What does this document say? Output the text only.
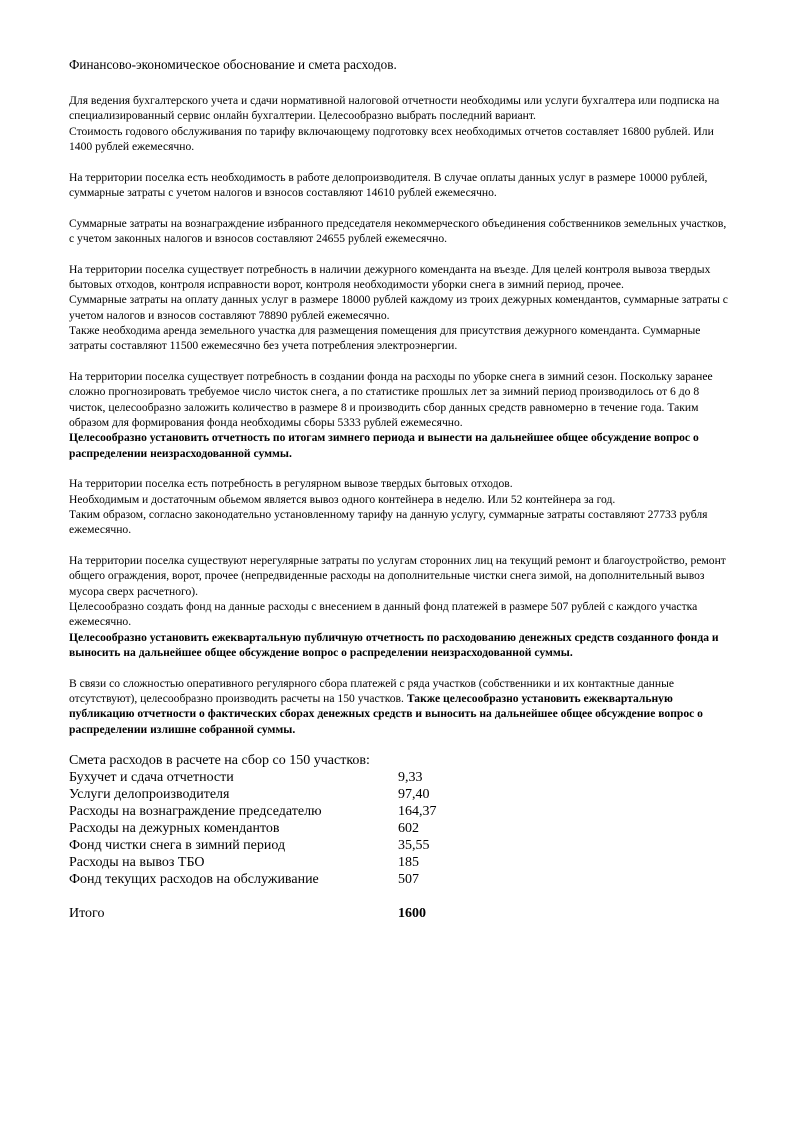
Финансово-экономическое обоснование и смета расходов.

Для ведения бухгалтерского учета и сдачи нормативной налоговой отчетности необходимы или услуги бухгалтера или подписка на специализированный сервис онлайн бухгалтерии. Целесообразно выбрать последний вариант.

Стоимость годового обслуживания по тарифу включающему подготовку всех необходимых отчетов составляет 16800 рублей. Или 1400 рублей ежемесячно.

На территории поселка есть необходимость в работе делопроизводителя. В случае оплаты данных услуг в размере 10000 рублей, суммарные затраты с учетом налогов и взносов составляют 14610 рублей ежемесячно.

Суммарные затраты на вознаграждение избранного председателя некоммерческого объединения собственников земельных участков, с учетом законных налогов и взносов составляют 24655 рублей ежемесячно.

На территории поселка существует потребность в наличии дежурного коменданта на въезде. Для целей контроля вывоза твердых бытовых отходов, контроля исправности ворот, контроля необходимости уборки снега в зимний период, прочее.

Суммарные затраты на оплату данных услуг в размере 18000 рублей каждому из троих дежурных комендантов, суммарные затраты с учетом налогов и взносов составляют 78890 рублей ежемесячно.

Также необходима аренда земельного участка для размещения помещения для присутствия дежурного коменданта. Суммарные затраты составляют 11500 ежемесячно без учета потребления электроэнергии.

На территории поселка существует потребность в создании фонда на расходы по уборке снега в зимний сезон. Поскольку заранее сложно прогнозировать требуемое число чисток снега, а по статистике прошлых лет за зимний период производилось от 6 до 8 чисток, целесообразно заложить количество в размере 8 и производить сбор данных средств равномерно в течение года. Таким образом для формирования фонда необходимы сборы 5333 рублей ежемесячно.

Целесообразно установить отчетность по итогам зимнего периода и вынести на дальнейшее общее обсуждение вопрос о распределении неизрасходованной суммы.

На территории поселка есть потребность в регулярном вывозе твердых бытовых отходов.

Необходимым и достаточным обьемом является вывоз одного контейнера в неделю. Или 52 контейнера за год.

Таким образом, согласно законодательно установленному тарифу на данную услугу, суммарные затраты составляют 27733 рубля ежемесячно.

На территории поселка существуют нерегулярные затраты по услугам сторонних лиц на текущий ремонт и благоустройство, ремонт общего ограждения, ворот, прочее (непредвиденные расходы на дополнительные чистки снега зимой, на дополнительный вывоз мусора сверх расчетного).

Целесообразно создать фонд на данные расходы с внесением в данный фонд платежей в размере 507 рублей с каждого участка ежемесячно.

Целесообразно установить ежеквартальную публичную отчетность по расходованию денежных средств созданного фонда и выносить на дальнейшее общее обсуждение вопрос о распределении неизрасходованной суммы.

В связи со сложностью оперативного регулярного сбора платежей с ряда участков (собственники и их контактные данные отсутствуют), целесообразно производить расчеты на 150 участков. Также целесообразно установить ежеквартальную публикацию отчетности о фактических сборах денежных средств и выносить на дальнейшее общее обсуждение вопрос о распределении излишне собранной суммы.

Смета расходов в расчете на сбор со 150 участков:
Бухучет и сдача отчетности	9,33
Услуги делопроизводителя	97,40
Расходы на вознаграждение председателю	164,37
Расходы на дежурных комендантов	602
Фонд чистки снега в зимний период	35,55
Расходы на вывоз ТБО	185
Фонд текущих расходов на обслуживание	507
Итого	1600
